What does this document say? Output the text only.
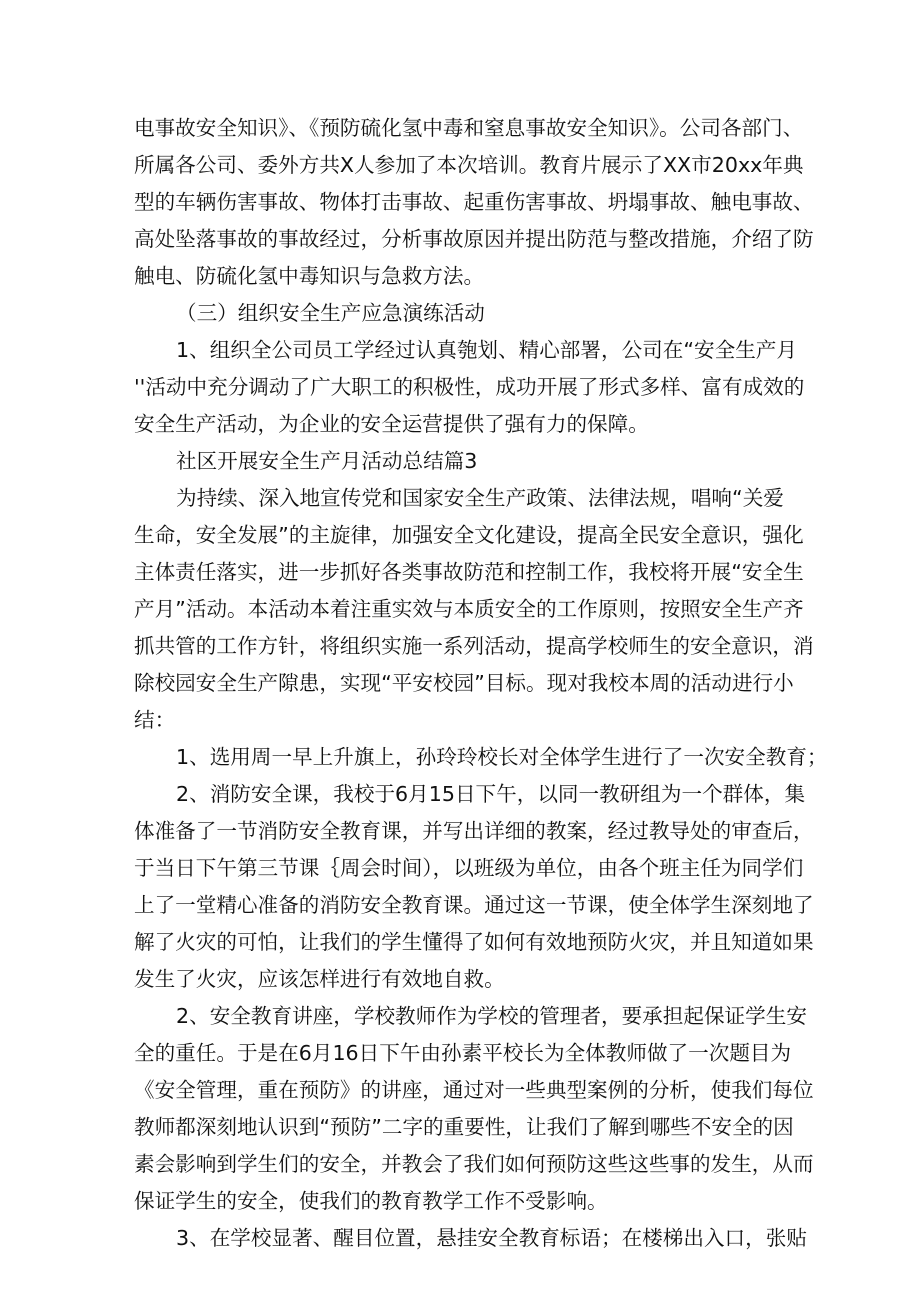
电事故安全知识》、《预防硫化氢中毒和窒息事故安全知识》。公司各部门、
所属各公司、委外方共X人参加了本次培训。教育片展示了XX市20xx年典
型的车辆伤害事故、物体打击事故、起重伤害事故、坍塌事故、触电事故、
高处坠落事故的事故经过，分析事故原因并提出防范与整改措施，介绍了防
触电、防硫化氢中毒知识与急救方法。
（三）组织安全生产应急演练活动
1、组织全公司员工学经过认真匏划、精心部署，公司在“安全生产月
''活动中充分调动了广大职工的积极性，成功开展了形式多样、富有成效的
安全生产活动，为企业的安全运营提供了强有力的保障。
社区开展安全生产月活动总结篇3
为持续、深入地宣传党和国家安全生产政策、法律法规，唱响“关爱
生命，安全发展”的主旋律，加强安全文化建设，提高全民安全意识，强化
主体责任落实，进一步抓好各类事故防范和控制工作，我校将开展“安全生
产月”活动。本活动本着注重实效与本质安全的工作原则，按照安全生产齐
抓共管的工作方针，将组织实施一系列活动，提高学校师生的安全意识，消
除校园安全生产隙患，实现“平安校园”目标。现对我校本周的活动进行小
结：
1、选用周一早上升旗上，孙玲玲校长对全体学生进行了一次安全教育；
2、消防安全课，我校于6月15日下午，以同一教研组为一个群体，集
体准备了一节消防安全教育课，并写出详细的教案，经过教导处的审查后，
于当日下午第三节课｛周会时间），以班级为单位，由各个班主任为同学们
上了一堂精心准备的消防安全教育课。通过这一节课，使全体学生深刻地了
解了火灾的可怕，让我们的学生懂得了如何有效地预防火灾，并且知道如果
发生了火灾，应该怎样进行有效地自救。
2、安全教育讲座，学校教师作为学校的管理者，要承担起保证学生安
全的重任。于是在6月16日下午由孙素平校长为全体教师做了一次题目为
《安全管理，重在预防》的讲座，通过对一些典型案例的分析，使我们每位
教师都深刻地认识到“预防”二字的重要性，让我们了解到哪些不安全的因
素会影响到学生们的安全，并教会了我们如何预防这些这些事的发生，从而
保证学生的安全，使我们的教育教学工作不受影响。
3、在学校显著、醒目位置，悬挂安全教育标语；在楼梯出入口，张贴
